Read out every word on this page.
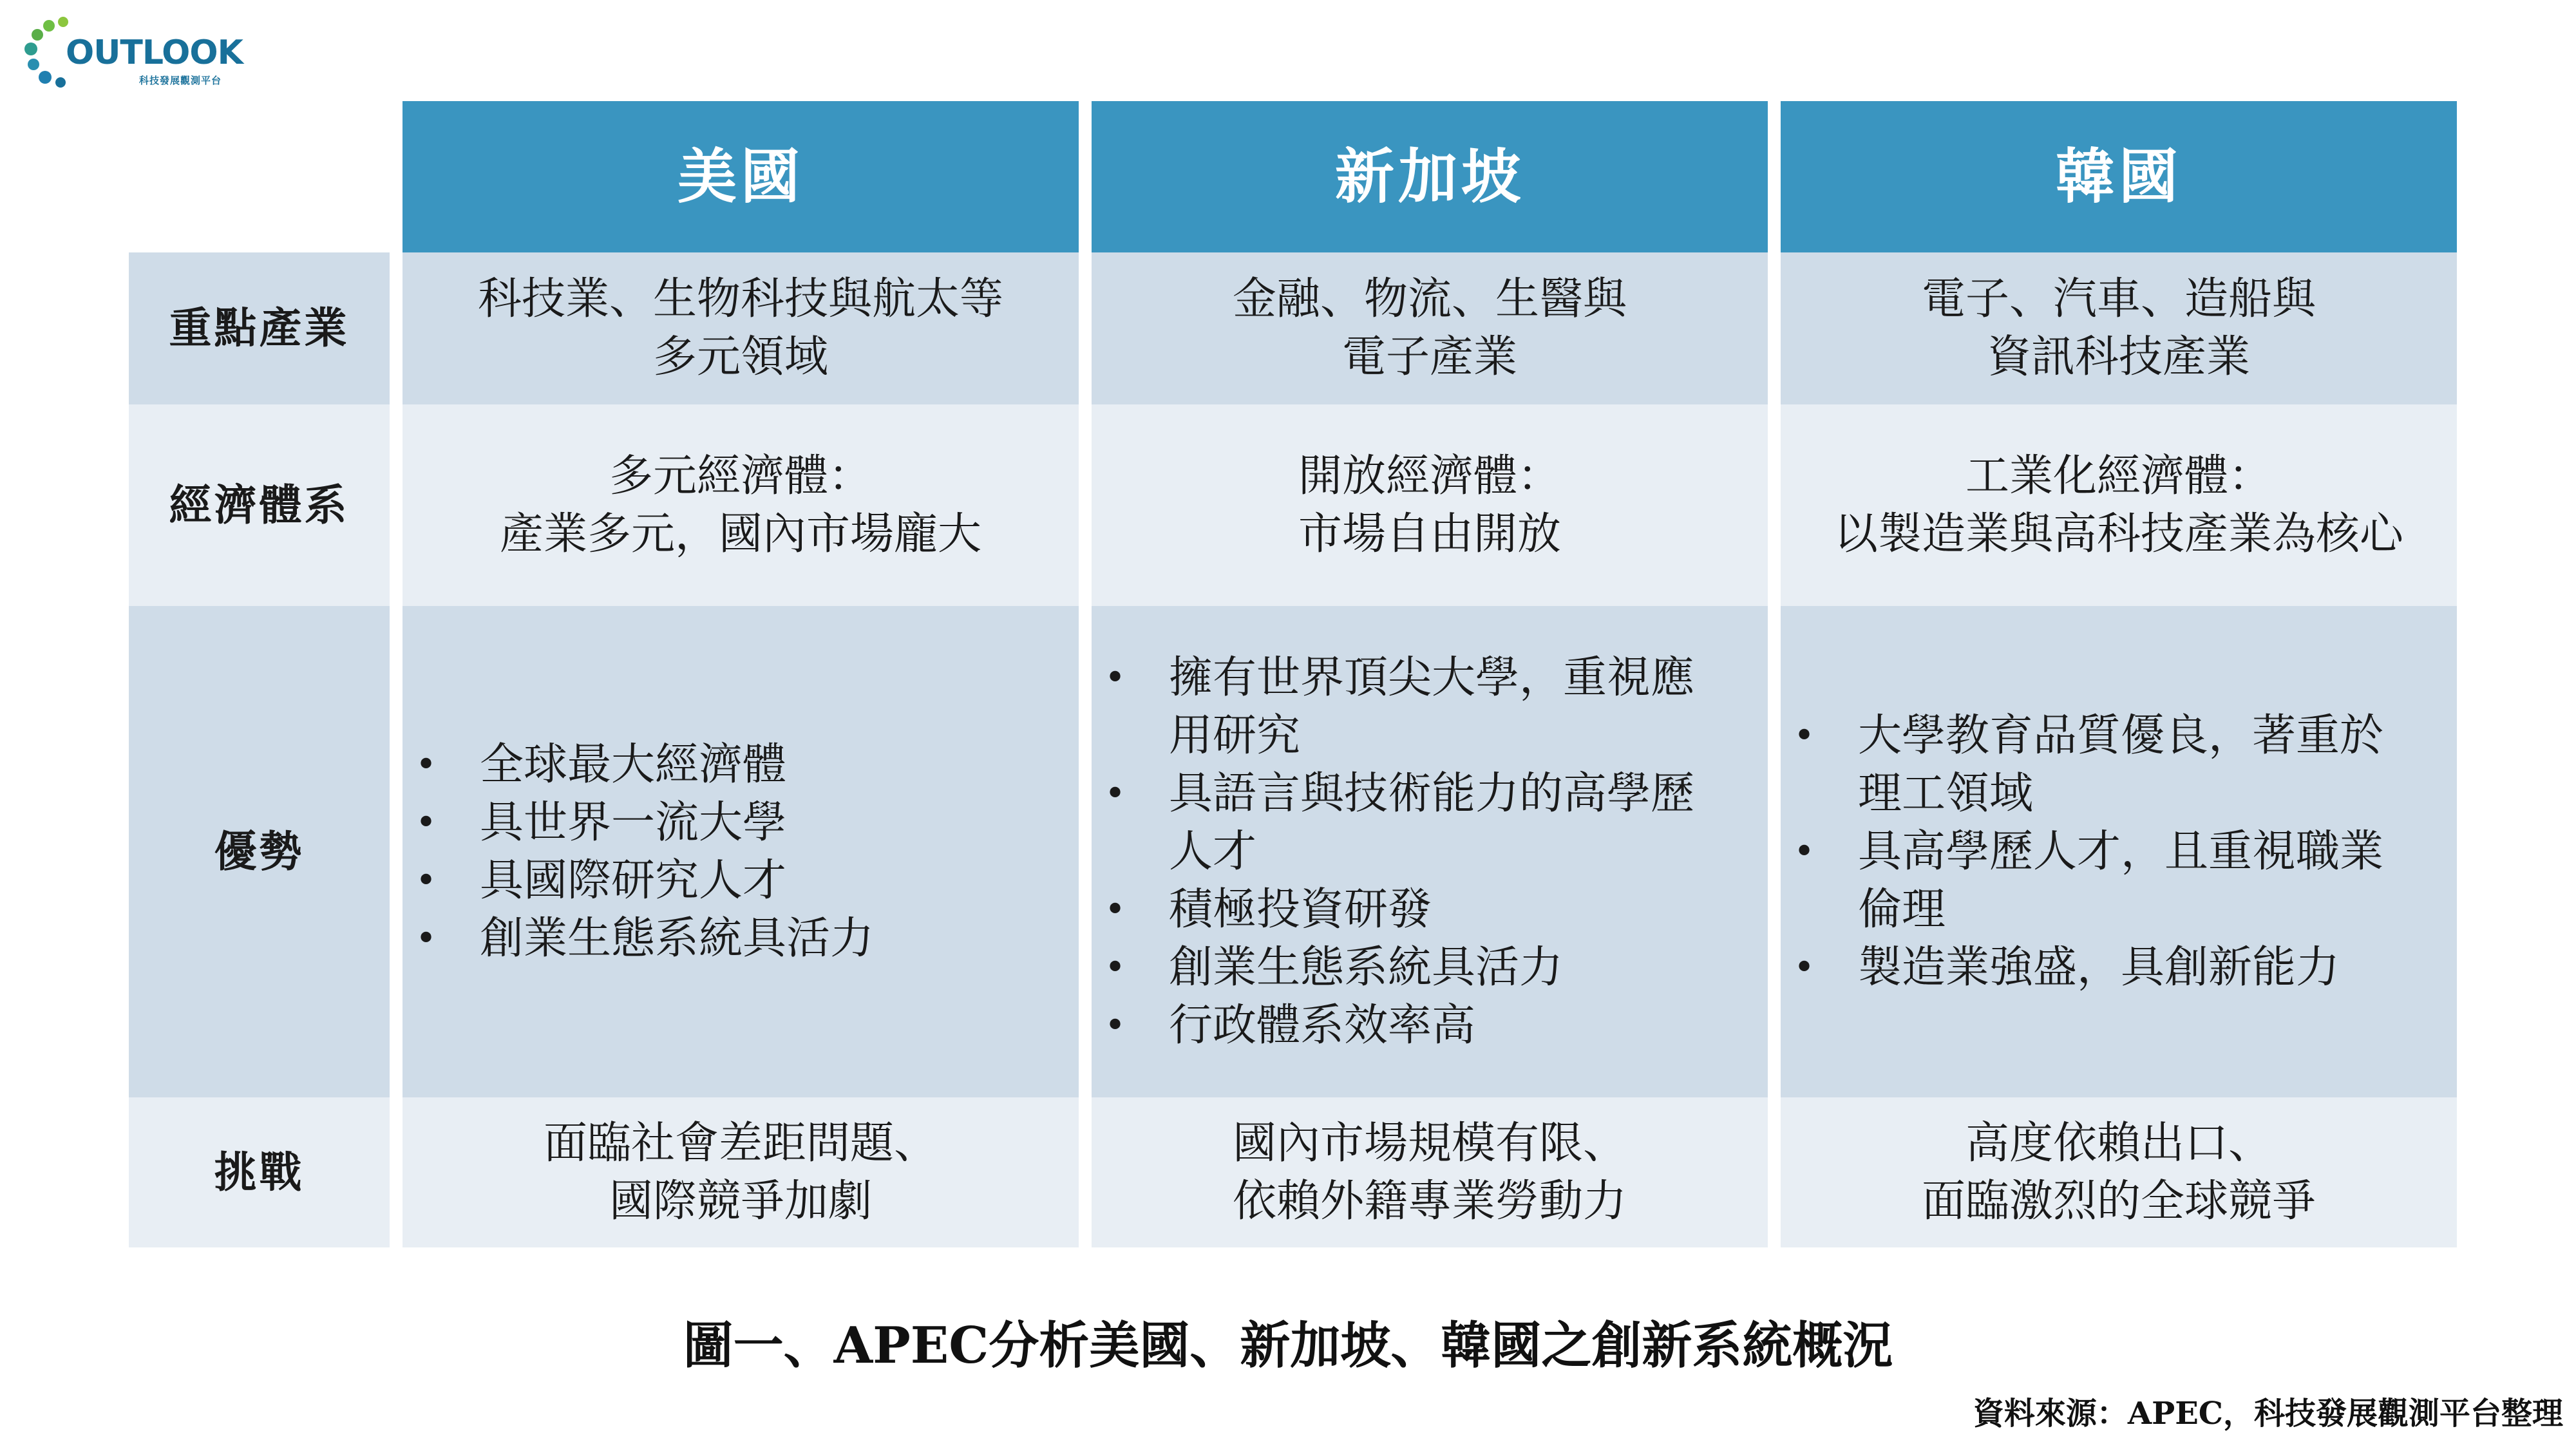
OUTLOOK
科技發展觀測平台
美國	新加坡	韓國
重點產業
科技業、生物科技與航太等
多元領域
金融、物流、生醫與
電子產業
電子、汽車、造船與
資訊科技產業
經濟體系
多元經濟體：
產業多元，國內市場龐大
開放經濟體：
市場自由開放
工業化經濟體：
以製造業與高科技產業為核心
優勢
• 全球最大經濟體
• 具世界一流大學
• 具國際研究人才
• 創業生態系統具活力
• 擁有世界頂尖大學，重視應
用研究
• 具語言與技術能力的高學歷
人才
• 積極投資研發
• 創業生態系統具活力
• 行政體系效率高
• 大學教育品質優良，著重於
理工領域
• 具高學歷人才，且重視職業
倫理
• 製造業強盛，具創新能力
挑戰
面臨社會差距問題、
國際競爭加劇
國內市場規模有限、
依賴外籍專業勞動力
高度依賴出口、
面臨激烈的全球競爭
圖一、APEC分析美國、新加坡、韓國之創新系統概況
資料來源：APEC，科技發展觀測平台整理
